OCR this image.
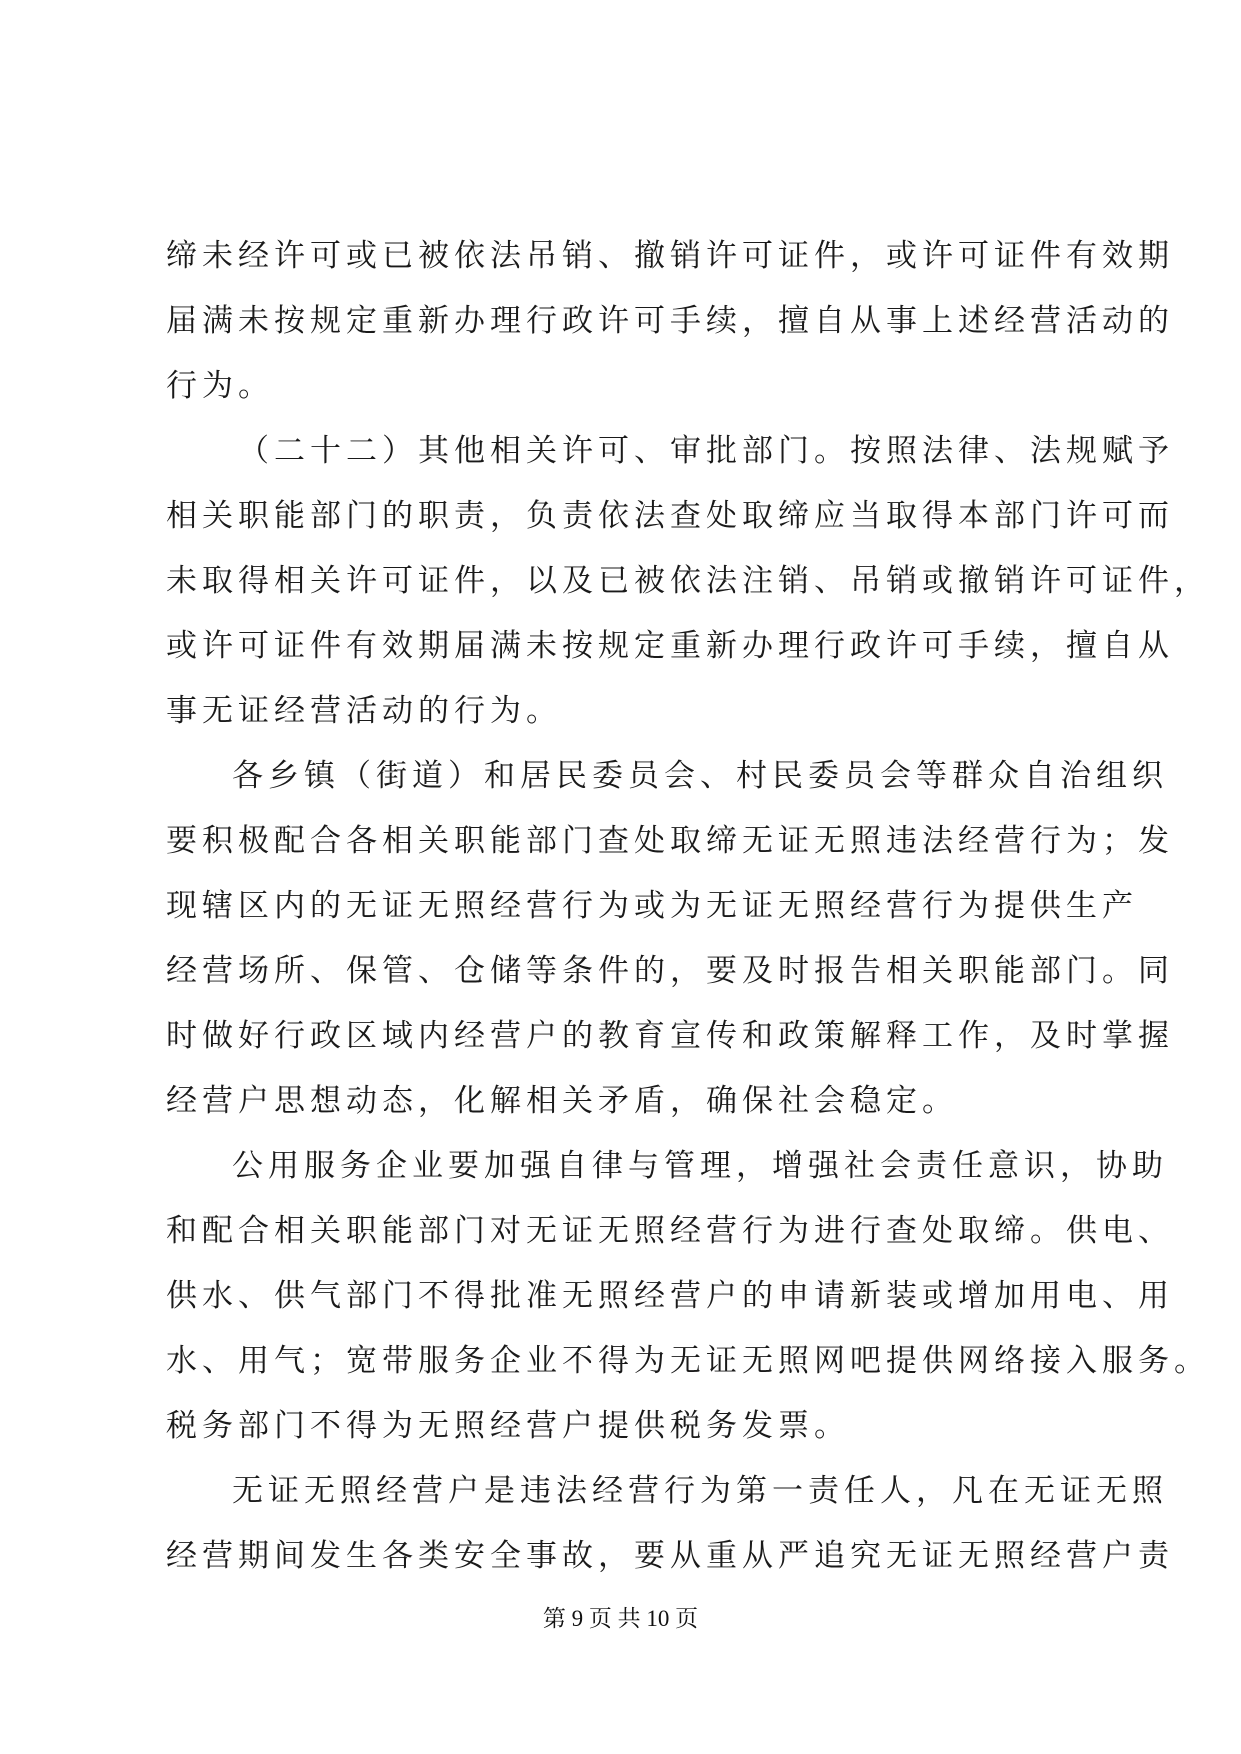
缔未经许可或已被依法吊销、撤销许可证件，或许可证件有效期
届满未按规定重新办理行政许可手续，擅自从事上述经营活动的
行为。
（二十二）其他相关许可、审批部门。按照法律、法规赋予
相关职能部门的职责，负责依法查处取缔应当取得本部门许可而
未取得相关许可证件，以及已被依法注销、吊销或撤销许可证件，
或许可证件有效期届满未按规定重新办理行政许可手续，擅自从
事无证经营活动的行为。
各乡镇（街道）和居民委员会、村民委员会等群众自治组织
要积极配合各相关职能部门查处取缔无证无照违法经营行为；发
现辖区内的无证无照经营行为或为无证无照经营行为提供生产
经营场所、保管、仓储等条件的，要及时报告相关职能部门。同
时做好行政区域内经营户的教育宣传和政策解释工作，及时掌握
经营户思想动态，化解相关矛盾，确保社会稳定。
公用服务企业要加强自律与管理，增强社会责任意识，协助
和配合相关职能部门对无证无照经营行为进行查处取缔。供电、
供水、供气部门不得批准无照经营户的申请新装或增加用电、用
水、用气；宽带服务企业不得为无证无照网吧提供网络接入服务。
税务部门不得为无照经营户提供税务发票。
无证无照经营户是违法经营行为第一责任人，凡在无证无照
经营期间发生各类安全事故，要从重从严追究无证无照经营户责
第 9 页 共 10 页
